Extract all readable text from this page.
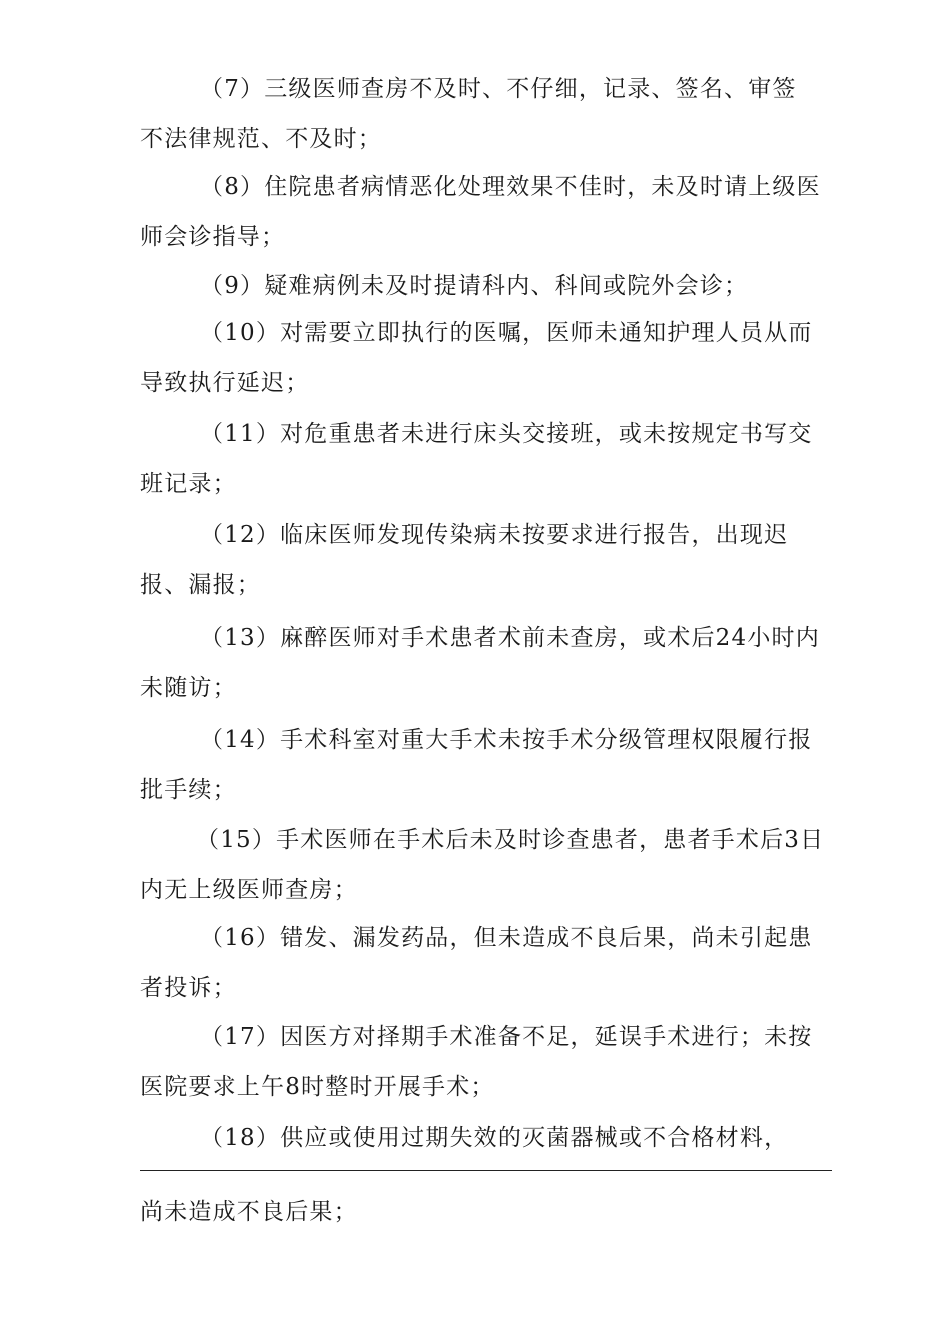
（7）三级医师查房不及时、不仔细，记录、签名、审签
不法律规范、不及时；
（8）住院患者病情恶化处理效果不佳时，未及时请上级医
师会诊指导；
（9）疑难病例未及时提请科内、科间或院外会诊；
（10）对需要立即执行的医嘱，医师未通知护理人员从而
导致执行延迟；
（11）对危重患者未进行床头交接班，或未按规定书写交
班记录；
（12）临床医师发现传染病未按要求进行报告，出现迟
报、漏报；
（13）麻醉医师对手术患者术前未查房，或术后24小时内
未随访；
（14）手术科室对重大手术未按手术分级管理权限履行报
批手续；
（15）手术医师在手术后未及时诊查患者，患者手术后3日
内无上级医师查房；
（16）错发、漏发药品，但未造成不良后果，尚未引起患
者投诉；
（17）因医方对择期手术准备不足，延误手术进行；未按
医院要求上午8时整时开展手术；
（18）供应或使用过期失效的灭菌器械或不合格材料，
尚未造成不良后果；
